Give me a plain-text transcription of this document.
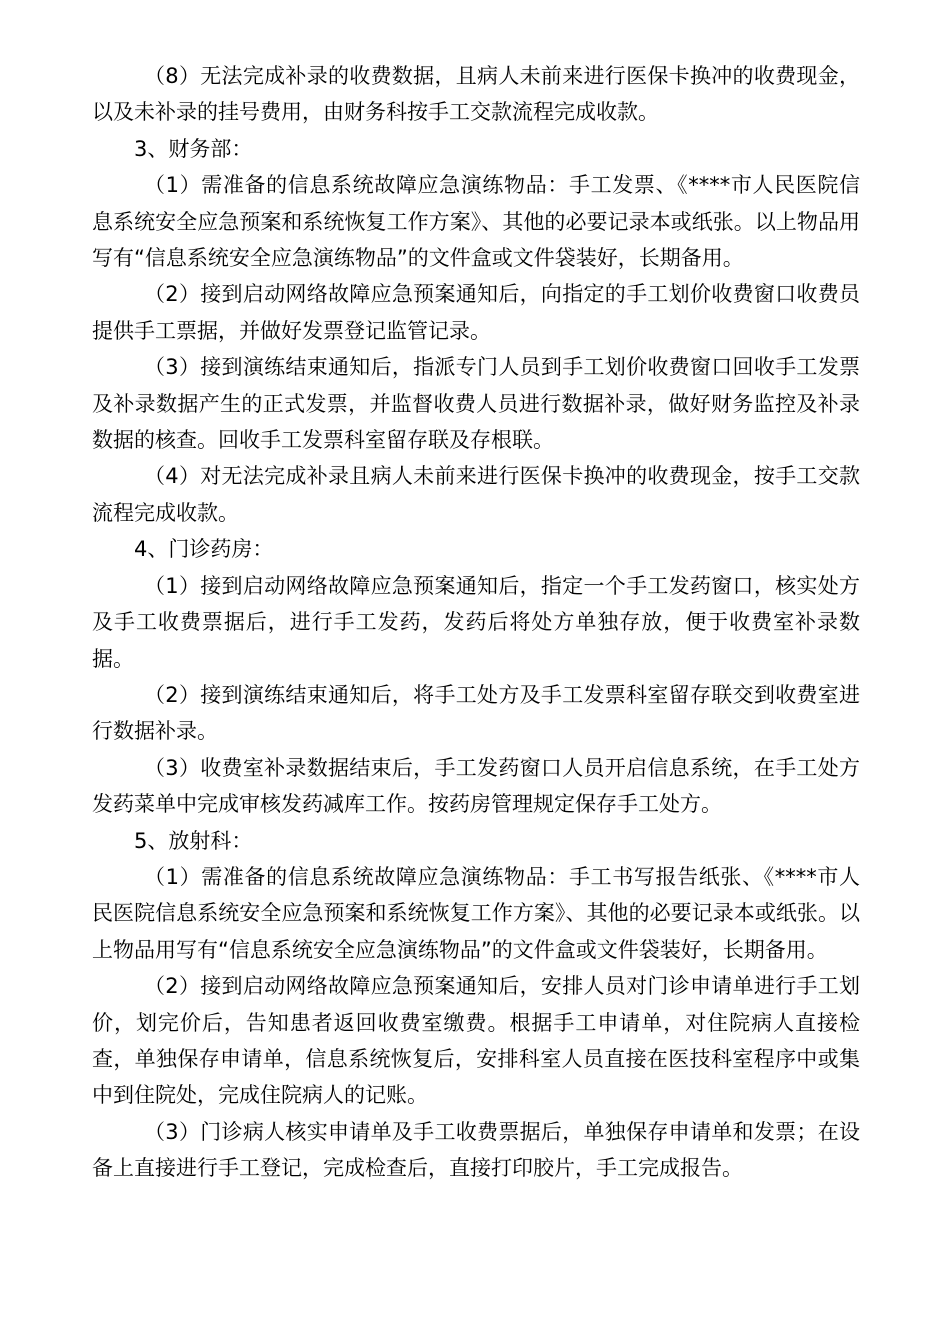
（8）无法完成补录的收费数据，且病人未前来进行医保卡换冲的收费现金，以及未补录的挂号费用，由财务科按手工交款流程完成收款。

3、财务部：

（1）需准备的信息系统故障应急演练物品：手工发票、《****市人民医院信息系统安全应急预案和系统恢复工作方案》、其他的必要记录本或纸张。以上物品用写有“信息系统安全应急演练物品”的文件盒或文件袋装好，长期备用。

（2）接到启动网络故障应急预案通知后，向指定的手工划价收费窗口收费员提供手工票据，并做好发票登记监管记录。

（3）接到演练结束通知后，指派专门人员到手工划价收费窗口回收手工发票及补录数据产生的正式发票，并监督收费人员进行数据补录，做好财务监控及补录数据的核查。回收手工发票科室留存联及存根联。

（4）对无法完成补录且病人未前来进行医保卡换冲的收费现金，按手工交款流程完成收款。

4、门诊药房：

（1）接到启动网络故障应急预案通知后，指定一个手工发药窗口，核实处方及手工收费票据后，进行手工发药，发药后将处方单独存放，便于收费室补录数据。

（2）接到演练结束通知后，将手工处方及手工发票科室留存联交到收费室进行数据补录。

（3）收费室补录数据结束后，手工发药窗口人员开启信息系统，在手工处方发药菜单中完成审核发药减库工作。按药房管理规定保存手工处方。

5、放射科：

（1）需准备的信息系统故障应急演练物品：手工书写报告纸张、《****市人民医院信息系统安全应急预案和系统恢复工作方案》、其他的必要记录本或纸张。以上物品用写有“信息系统安全应急演练物品”的文件盒或文件袋装好，长期备用。

（2）接到启动网络故障应急预案通知后，安排人员对门诊申请单进行手工划价，划完价后，告知患者返回收费室缴费。根据手工申请单，对住院病人直接检查，单独保存申请单，信息系统恢复后，安排科室人员直接在医技科室程序中或集中到住院处，完成住院病人的记账。

（3）门诊病人核实申请单及手工收费票据后，单独保存申请单和发票；在设备上直接进行手工登记，完成检查后，直接打印胶片，手工完成报告。
